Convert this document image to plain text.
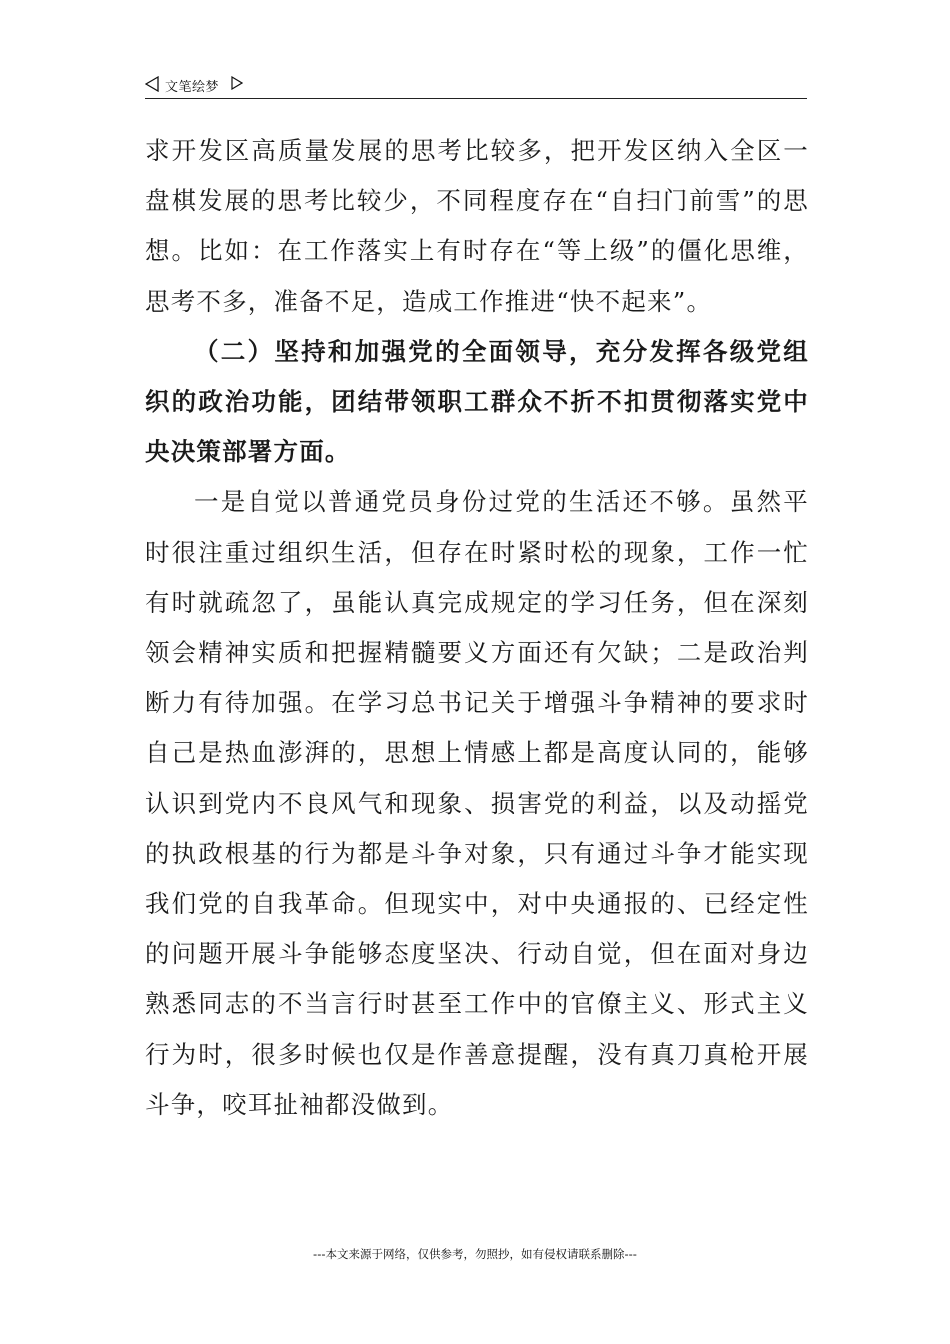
文笔绘梦

求开发区高质量发展的思考比较多，把开发区纳入全区一盘棋发展的思考比较少，不同程度存在“自扫门前雪”的思想。比如：在工作落实上有时存在“等上级”的僵化思维，思考不多，准备不足，造成工作推进“快不起来”。

（二）坚持和加强党的全面领导，充分发挥各级党组织的政治功能，团结带领职工群众不折不扣贯彻落实党中央决策部署方面。

一是自觉以普通党员身份过党的生活还不够。虽然平时很注重过组织生活，但存在时紧时松的现象，工作一忙有时就疏忽了，虽能认真完成规定的学习任务，但在深刻领会精神实质和把握精髓要义方面还有欠缺；二是政治判断力有待加强。在学习总书记关于增强斗争精神的要求时自己是热血澎湃的，思想上情感上都是高度认同的，能够认识到党内不良风气和现象、损害党的利益，以及动摇党的执政根基的行为都是斗争对象，只有通过斗争才能实现我们党的自我革命。但现实中，对中央通报的、已经定性的问题开展斗争能够态度坚决、行动自觉，但在面对身边熟悉同志的不当言行时甚至工作中的官僚主义、形式主义行为时，很多时候也仅是作善意提醒，没有真刀真枪开展斗争，咬耳扯袖都没做到。

---本文来源于网络，仅供参考，勿照抄，如有侵权请联系删除---
